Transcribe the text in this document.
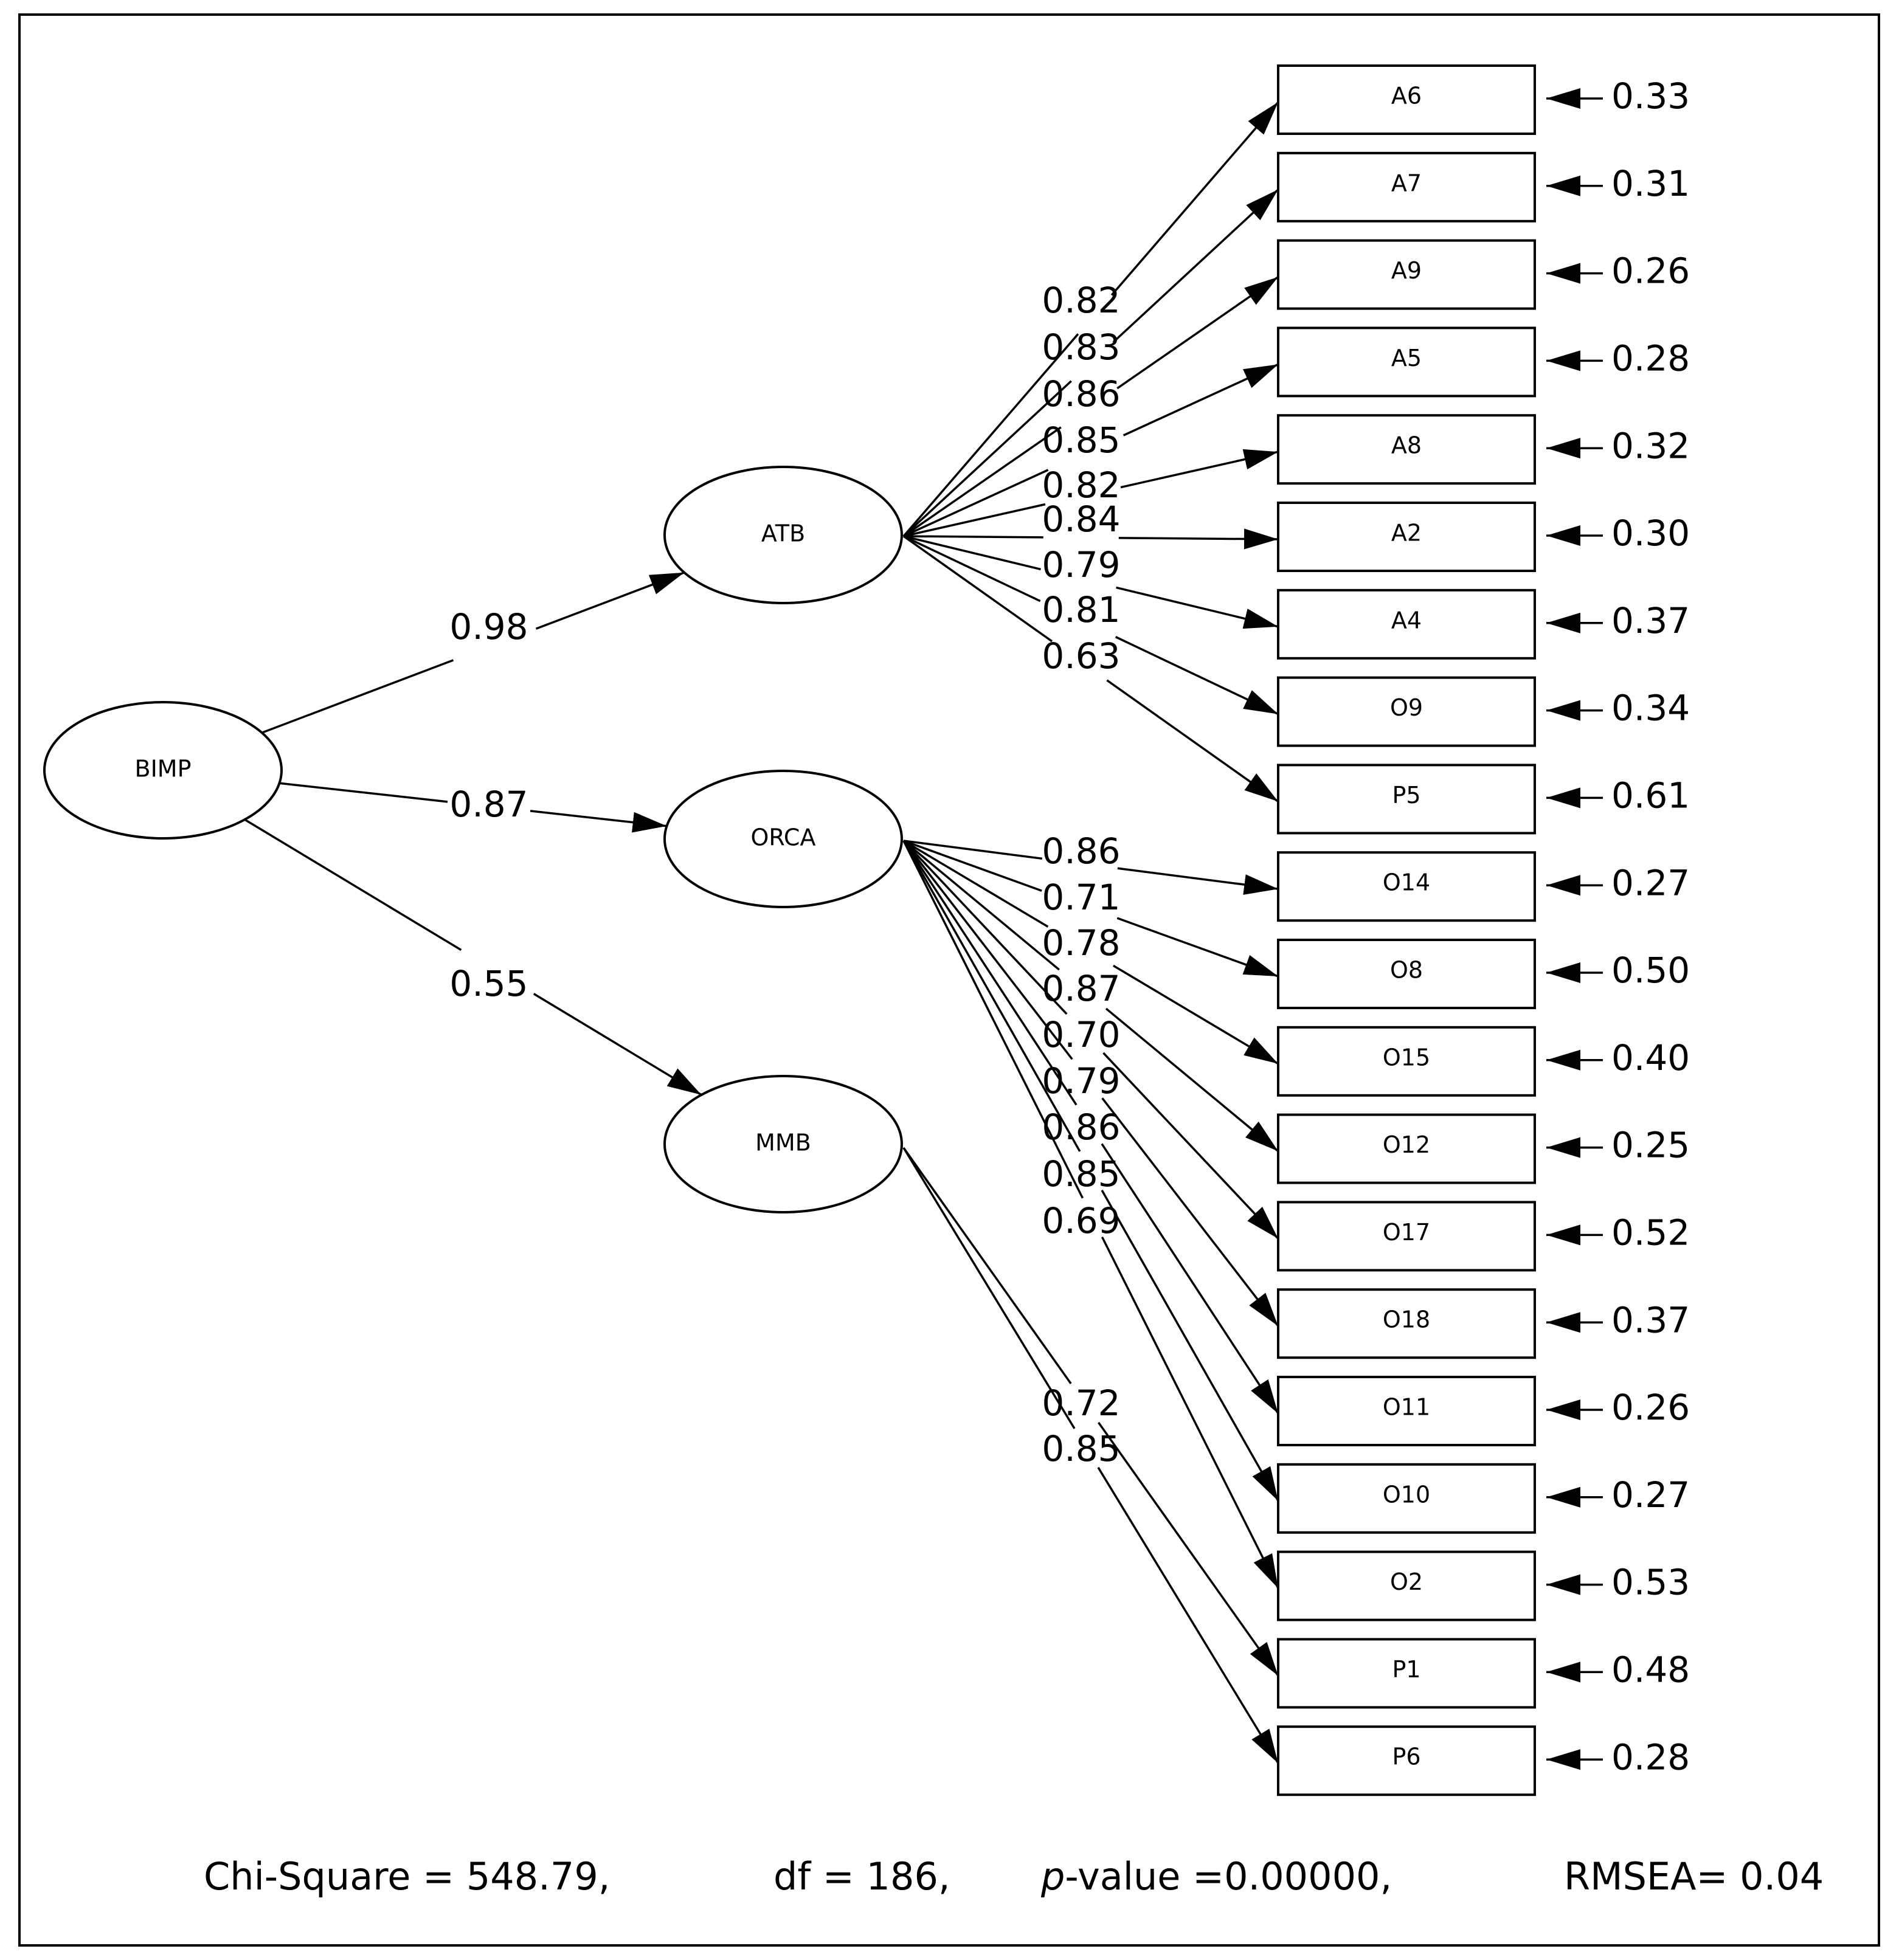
BIMP
ATB
ORCA
MMB
A6
A7
A9
A5
A8
A2
A4
O9
P5
O14
O8
O15
O12
O17
O18
O11
O10
O2
P1
P6
0.98
0.87
0.55
0.82
0.33
0.83
0.31
0.86
0.26
0.85
0.28
0.82
0.32
0.84	0.30
0.79
0.37
0.81
0.34
0.63
0.61
0.86
0.27
0.71
0.50
0.78
0.40
0.87
0.25
0.70
0.52
0.79
0.37
0.86
0.26
0.85
0.27
0.69
0.53
0.72
0.48
0.85
0.28
Chi-Square = 548.79,	df = 186, p-value =0.00000,	RMSEA= 0.04
